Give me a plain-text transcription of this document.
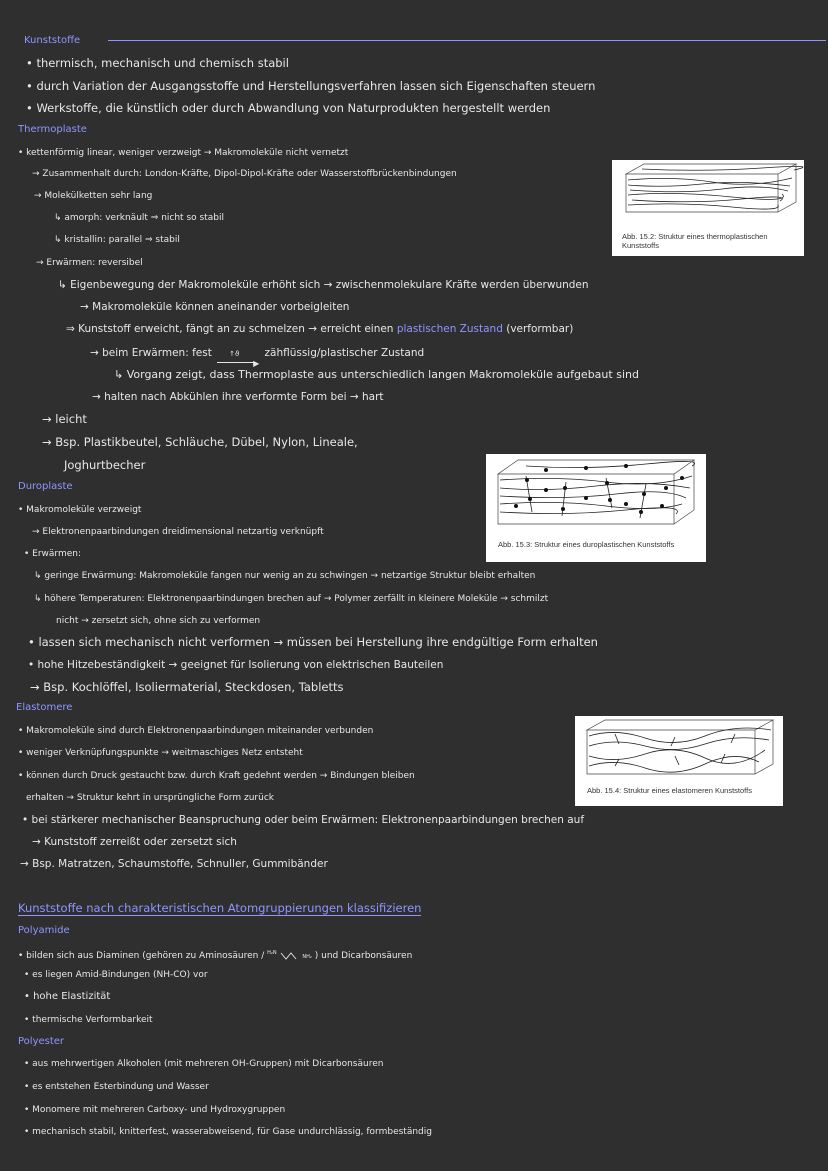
Kunststoffe
• thermisch, mechanisch und chemisch stabil
• durch Variation der Ausgangsstoffe und Herstellungsverfahren lassen sich Eigenschaften steuern
• Werkstoffe, die künstlich oder durch Abwandlung von Naturprodukten hergestellt werden
Thermoplaste
• kettenförmig linear, weniger verzweigt → Makromoleküle nicht vernetzt
→ Zusammenhalt durch: London-Kräfte, Dipol-Dipol-Kräfte oder Wasserstoffbrückenbindungen
→ Molekülketten sehr lang
↳ amorph: verknäult ⇒ nicht so stabil
↳ kristallin: parallel ⇒ stabil
→ Erwärmen: reversibel
↳ Eigenbewegung der Makromoleküle erhöht sich → zwischenmolekulare Kräfte werden überwunden
→ Makromoleküle können aneinander vorbeigleiten
⇒ Kunststoff erweicht, fängt an zu schmelzen → erreicht einen plastischen Zustand (verformbar)
→ beim Erwärmen: fest ↑ϑ
▶
zähflüssig/plastischer Zustand
↳ Vorgang zeigt, dass Thermoplaste aus unterschiedlich langen Makromoleküle aufgebaut sind
→ halten nach Abkühlen ihre verformte Form bei → hart
→ leicht
→ Bsp. Plastikbeutel, Schläuche, Dübel, Nylon, Lineale,
Joghurtbecher
Abb. 15.2: Struktur eines thermoplastischen Kunststoffs
Duroplaste
• Makromoleküle verzweigt
→ Elektronenpaarbindungen dreidimensional netzartig verknüpft
• Erwärmen:
↳ geringe Erwärmung: Makromoleküle fangen nur wenig an zu schwingen → netzartige Struktur bleibt erhalten
↳ höhere Temperaturen: Elektronenpaarbindungen brechen auf → Polymer zerfällt in kleinere Moleküle → schmilzt
nicht → zersetzt sich, ohne sich zu verformen
• lassen sich mechanisch nicht verformen → müssen bei Herstellung ihre endgültige Form erhalten
• hohe Hitzebeständigkeit → geeignet für Isolierung von elektrischen Bauteilen
→ Bsp. Kochlöffel, Isoliermaterial, Steckdosen, Tabletts
Abb. 15.3: Struktur eines duroplastischen Kunststoffs
Elastomere
• Makromoleküle sind durch Elektronenpaarbindungen miteinander verbunden
• weniger Verknüpfungspunkte → weitmaschiges Netz entsteht
• können durch Druck gestaucht bzw. durch Kraft gedehnt werden → Bindungen bleiben
erhalten → Struktur kehrt in ursprüngliche Form zurück
• bei stärkerer mechanischer Beanspruchung oder beim Erwärmen: Elektronenpaarbindungen brechen auf
→ Kunststoff zerreißt oder zersetzt sich
→ Bsp. Matratzen, Schaumstoffe, Schnuller, Gummibänder
Abb. 15.4: Struktur eines elastomeren Kunststoffs
Kunststoffe nach charakteristischen Atomgruppierungen klassifizieren
Polyamide
• bilden sich aus Diaminen (gehören zu Aminosäuren / $^{H_2N}$  NH₂ ) und Dicarbonsäuren
• es liegen Amid-Bindungen (NH-CO) vor
• hohe Elastizität
• thermische Verformbarkeit
Polyester
• aus mehrwertigen Alkoholen (mit mehreren OH-Gruppen) mit Dicarbonsäuren
• es entstehen Esterbindung und Wasser
• Monomere mit mehreren Carboxy- und Hydroxygruppen
• mechanisch stabil, knitterfest, wasserabweisend, für Gase undurchlässig, formbeständig
